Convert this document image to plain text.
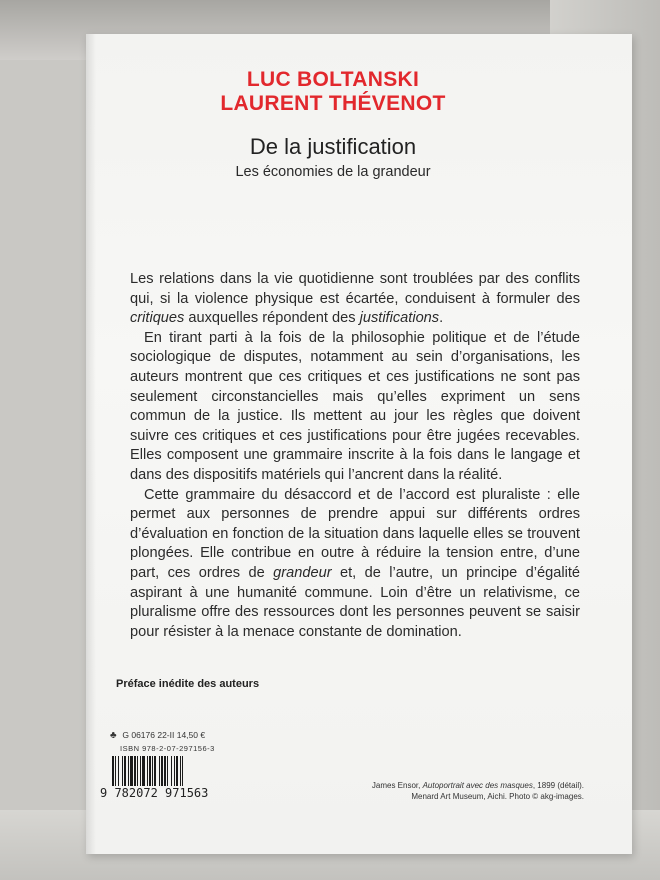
LUC BOLTANSKI
LAURENT THÉVENOT
De la justification
Les économies de la grandeur

Les relations dans la vie quotidienne sont troublées par des conflits qui, si la violence physique est écartée, conduisent à formuler des critiques auxquelles répondent des justifications.

En tirant parti à la fois de la philosophie politique et de l’étude sociologique de disputes, notamment au sein d’organisations, les auteurs montrent que ces critiques et ces justifications ne sont pas seulement circonstancielles mais qu’elles expriment un sens commun de la justice. Ils mettent au jour les règles que doivent suivre ces critiques et ces justifications pour être jugées recevables. Elles composent une grammaire inscrite à la fois dans le langage et dans des dispositifs matériels qui l’ancrent dans la réalité.

Cette grammaire du désaccord et de l’accord est pluraliste : elle permet aux personnes de prendre appui sur différents ordres d’évaluation en fonction de la situation dans laquelle elles se trouvent plongées. Elle contribue en outre à réduire la tension entre, d’une part, ces ordres de grandeur et, de l’autre, un principe d’égalité aspirant à une humanité commune. Loin d’être un relativisme, ce pluralisme offre des ressources dont les personnes peuvent se saisir pour résister à la menace constante de domination.

Préface inédite des auteurs
♣ G 06176 22-II 14,50 €
ISBN 978-2-07-297156-3
9 782072 971563
James Ensor, Autoportrait avec des masques, 1899 (détail).
Menard Art Museum, Aichi. Photo © akg-images.
